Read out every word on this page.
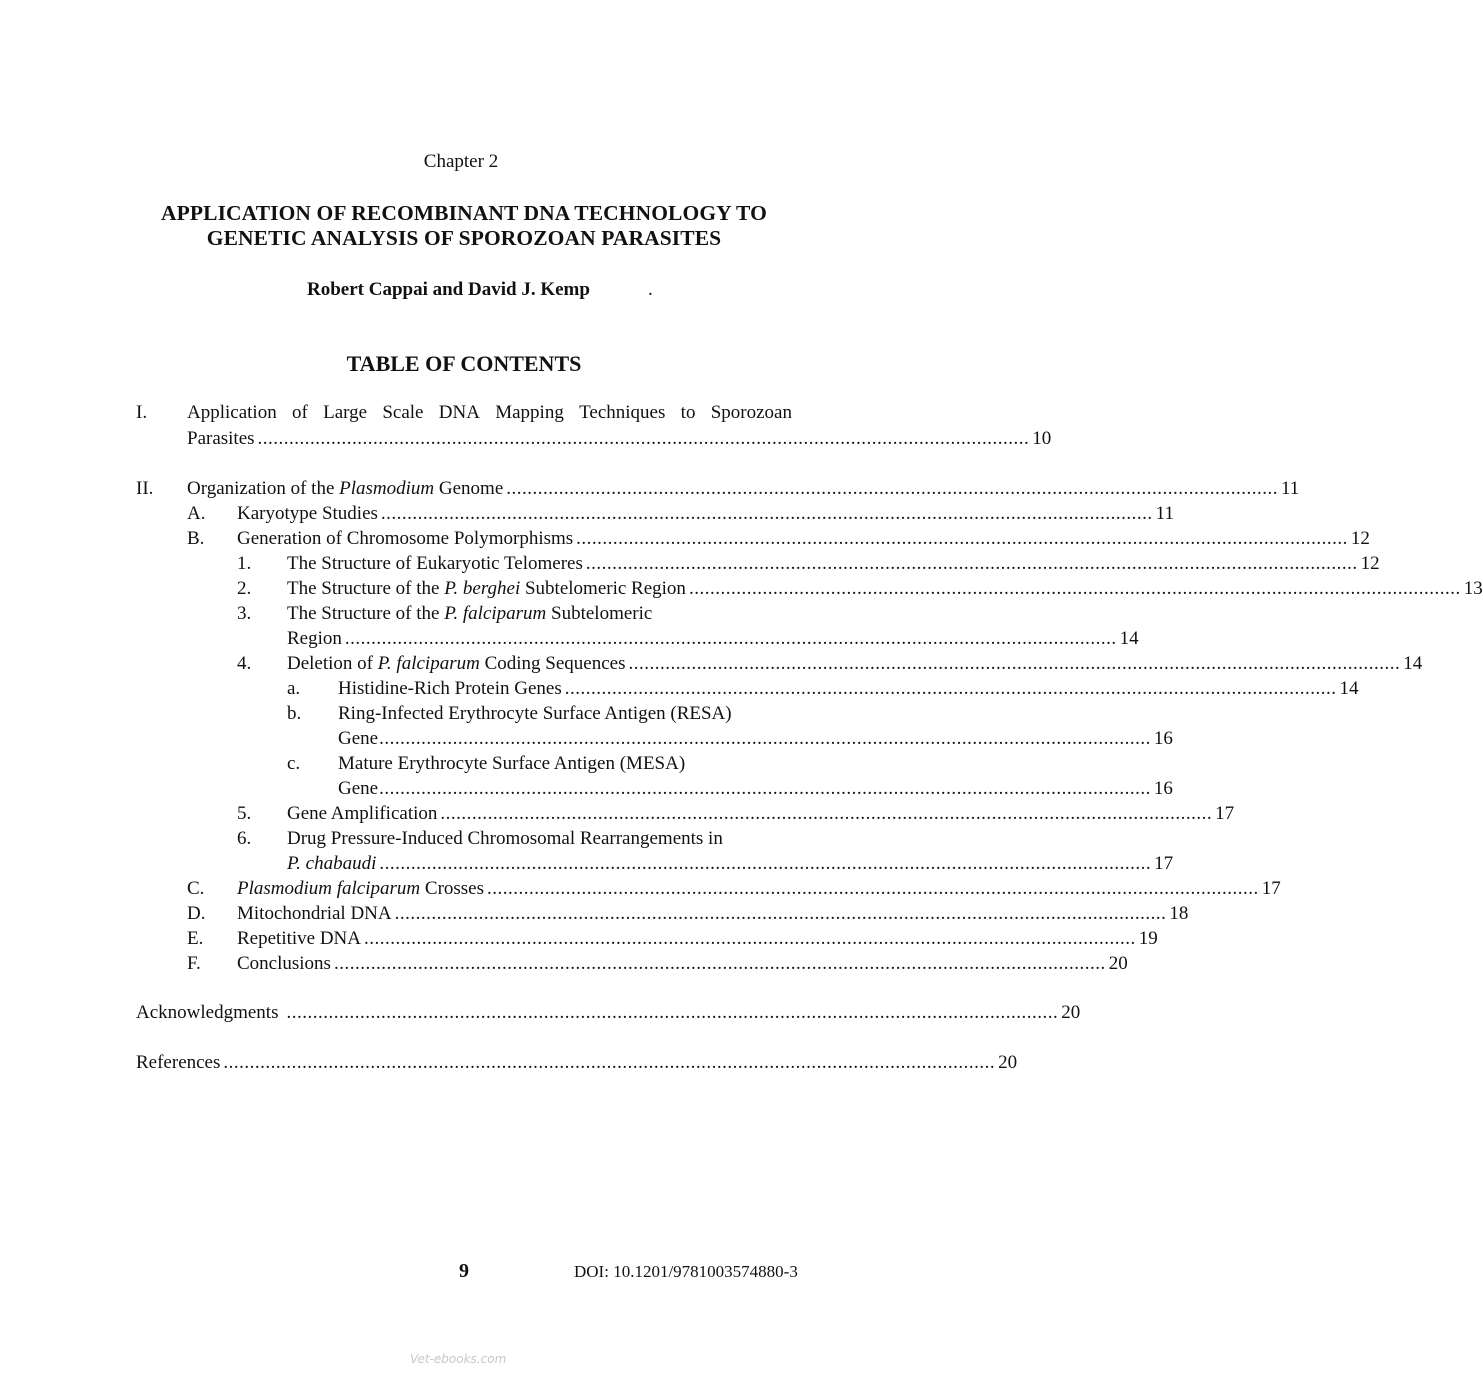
Chapter 2
APPLICATION OF RECOMBINANT DNA TECHNOLOGY TO
GENETIC ANALYSIS OF SPOROZOAN PARASITES
Robert Cappai and David J. Kemp	.
TABLE OF CONTENTS
I. Application of Large Scale DNA Mapping Techniques to Sporozoan
Parasites ................................................................................................................................................... 10
II. Organization of the Plasmodium Genome ................................................................................................................................................... 11
A. Karyotype Studies ................................................................................................................................................... 11
B. Generation of Chromosome Polymorphisms ................................................................................................................................................... 12
1. The Structure of Eukaryotic Telomeres ................................................................................................................................................... 12
2. The Structure of the P. berghei Subtelomeric Region ................................................................................................................................................... 13
3. The Structure of the P. falciparum Subtelomeric
Region ................................................................................................................................................... 14
4. Deletion of P. falciparum Coding Sequences ................................................................................................................................................... 14
a. Histidine-Rich Protein Genes ................................................................................................................................................... 14
b. Ring-Infected Erythrocyte Surface Antigen (RESA)
Gene ................................................................................................................................................... 16
c. Mature Erythrocyte Surface Antigen (MESA)
Gene ................................................................................................................................................... 16
5. Gene Amplification ................................................................................................................................................... 17
6. Drug Pressure-Induced Chromosomal Rearrangements in
P. chabaudi ................................................................................................................................................... 17
C. Plasmodium falciparum Crosses ................................................................................................................................................... 17
D. Mitochondrial DNA ................................................................................................................................................... 18
E. Repetitive DNA ................................................................................................................................................... 19
F. Conclusions ................................................................................................................................................... 20
Acknowledgments ................................................................................................................................................... 20
References ................................................................................................................................................... 20
9	DOI: 10.1201/9781003574880-3
Vet-ebooks.com
